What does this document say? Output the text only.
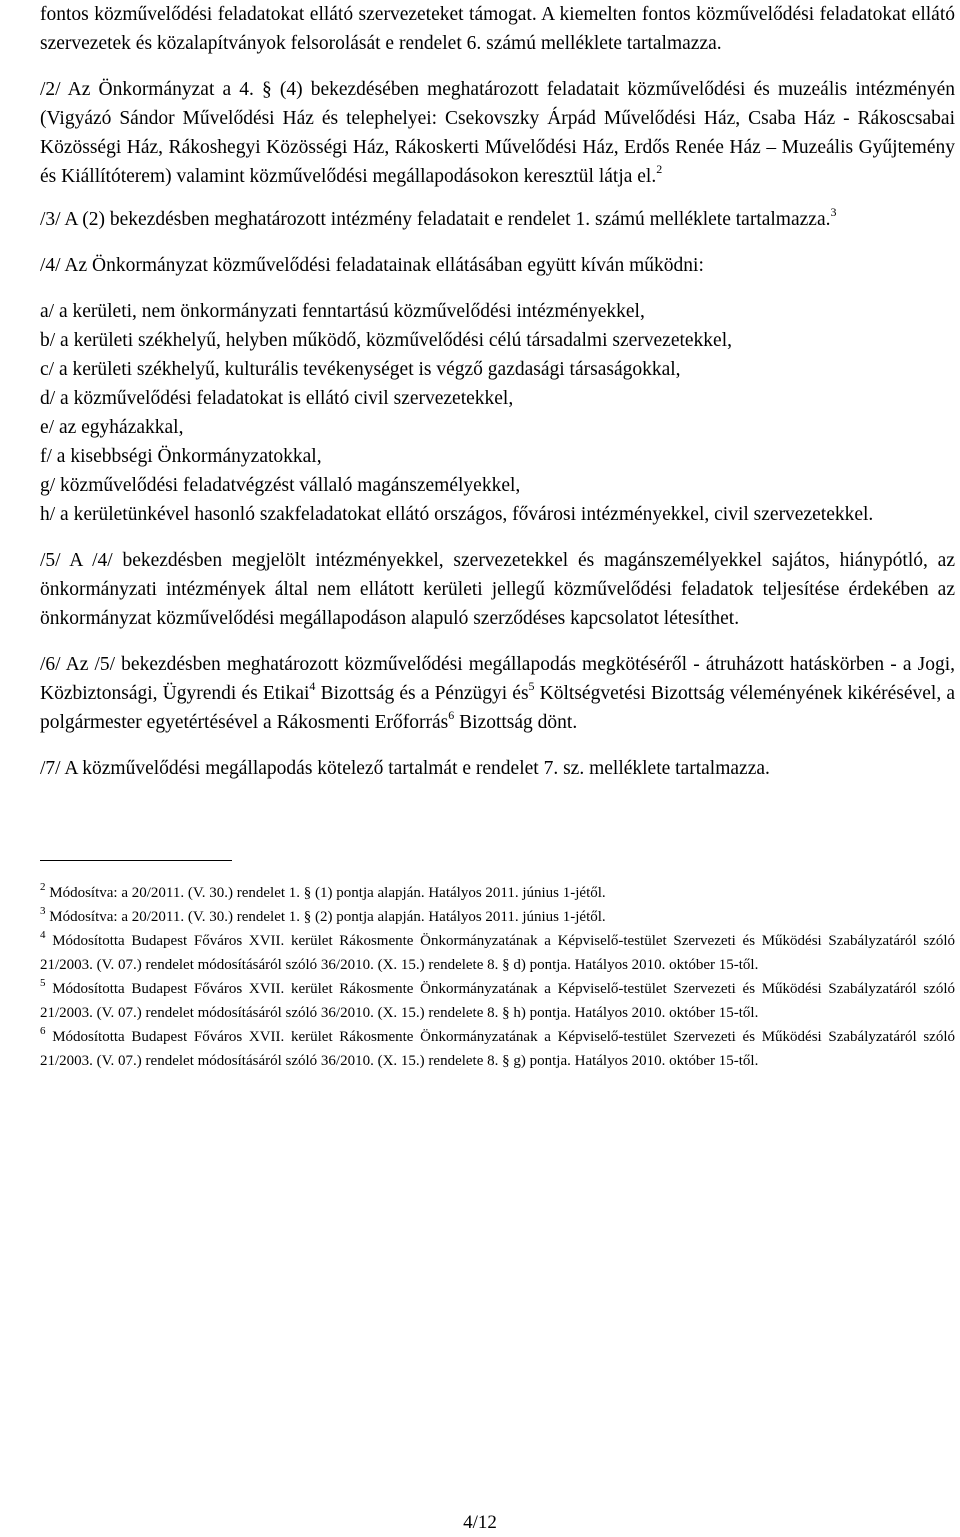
fontos közművelődési feladatokat ellátó szervezeteket támogat. A kiemelten fontos közművelődési feladatokat ellátó szervezetek és közalapítványok felsorolását e rendelet 6. számú melléklete tartalmazza.

/2/ Az Önkormányzat a 4. § (4) bekezdésében meghatározott feladatait közművelődési és muzeális intézményén (Vigyázó Sándor Művelődési Ház és telephelyei: Csekovszky Árpád Művelődési Ház, Csaba Ház - Rákoscsabai Közösségi Ház, Rákoshegyi Közösségi Ház, Rákoskerti Művelődési Ház, Erdős Renée Ház – Muzeális Gyűjtemény és Kiállítóterem) valamint közművelődési megállapodásokon keresztül látja el.$^2$

/3/ A (2) bekezdésben meghatározott intézmény feladatait e rendelet 1. számú melléklete tartalmazza.$^3$

/4/ Az Önkormányzat közművelődési feladatainak ellátásában együtt kíván működni:

a/ a kerületi, nem önkormányzati fenntartású közművelődési intézményekkel,

b/ a kerületi székhelyű, helyben működő, közművelődési célú társadalmi szervezetekkel,

c/ a kerületi székhelyű, kulturális tevékenységet is végző gazdasági társaságokkal,

d/ a közművelődési feladatokat is ellátó civil szervezetekkel,

e/ az egyházakkal,

f/ a kisebbségi Önkormányzatokkal,

g/ közművelődési feladatvégzést vállaló magánszemélyekkel,

h/ a kerületünkével hasonló szakfeladatokat ellátó országos, fővárosi intézményekkel, civil szervezetekkel.

/5/ A /4/ bekezdésben megjelölt intézményekkel, szervezetekkel és magánszemélyekkel sajátos, hiánypótló, az önkormányzati intézmények által nem ellátott kerületi jellegű közművelődési feladatok teljesítése érdekében az önkormányzat közművelődési megállapodáson alapuló szerződéses kapcsolatot létesíthet.

/6/ Az /5/ bekezdésben meghatározott közművelődési megállapodás megkötéséről - átruházott hatáskörben - a Jogi, Közbiztonsági, Ügyrendi és Etikai$^4$ Bizottság és a Pénzügyi $és^5$ Költségvetési Bizottság véleményének kikérésével, a polgármester egyetértésével a Rákosmenti Erőforrás$^6$ Bizottság dönt.

/7/ A közművelődési megállapodás kötelező tartalmát e rendelet 7. sz. melléklete tartalmazza.

$^2$ Módosítva: a 20/2011. (V. 30.) rendelet 1. § (1) pontja alapján. Hatályos 2011. június 1-jétől.

$^3$ Módosítva: a 20/2011. (V. 30.) rendelet 1. § (2) pontja alapján. Hatályos 2011. június 1-jétől.

$^4$ Módosította Budapest Főváros XVII. kerület Rákosmente Önkormányzatának a Képviselő-testület Szervezeti és Működési Szabályzatáról szóló 21/2003. (V. 07.) rendelet módosításáról szóló 36/2010. (X. 15.) rendelete 8. § d) pontja. Hatályos 2010. október 15-től.

$^5$ Módosította Budapest Főváros XVII. kerület Rákosmente Önkormányzatának a Képviselő-testület Szervezeti és Működési Szabályzatáról szóló 21/2003. (V. 07.) rendelet módosításáról szóló 36/2010. (X. 15.) rendelete 8. § h) pontja. Hatályos 2010. október 15-től.

$^6$ Módosította Budapest Főváros XVII. kerület Rákosmente Önkormányzatának a Képviselő-testület Szervezeti és Működési Szabályzatáról szóló 21/2003. (V. 07.) rendelet módosításáról szóló 36/2010. (X. 15.) rendelete 8. § g) pontja. Hatályos 2010. október 15-től.

4/12
